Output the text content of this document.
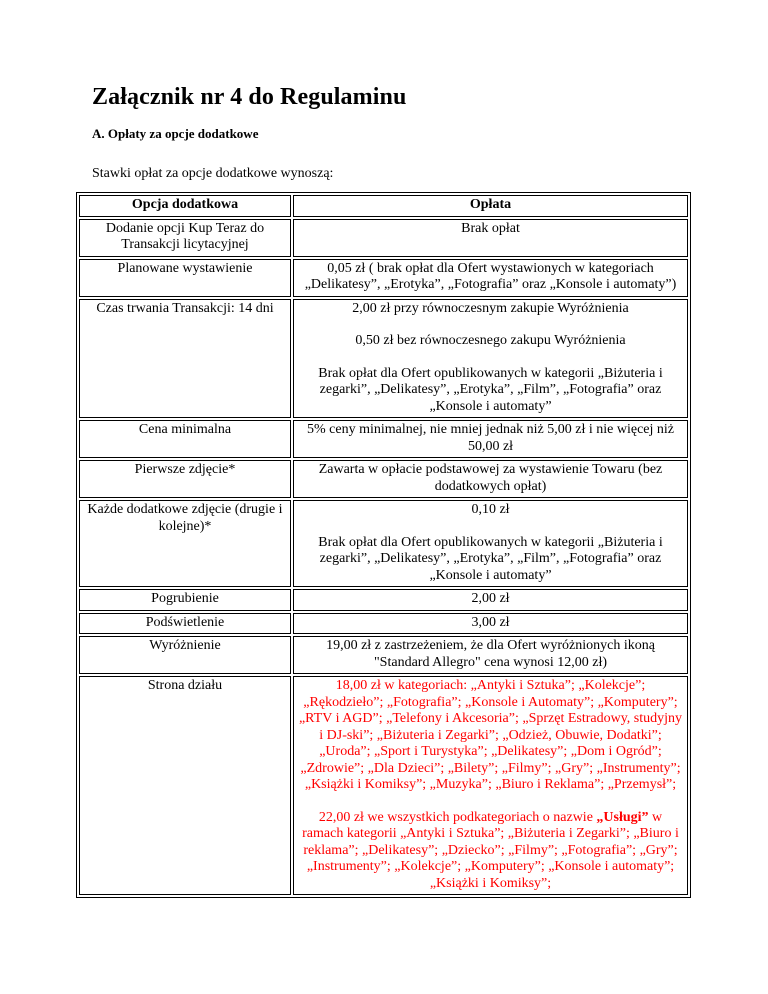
Załącznik nr 4 do Regulaminu

A. Opłaty za opcje dodatkowe

Stawki opłat za opcje dodatkowe wynoszą:

Opcja dodatkowa	Opłata
Dodanie opcji Kup Teraz do Transakcji licytacyjnej	Brak opłat
Planowane wystawienie	0,05 zł ( brak opłat dla Ofert wystawionych w kategoriach „Delikatesy”, „Erotyka”, „Fotografia” oraz „Konsole i automaty”)
Czas trwania Transakcji: 14 dni	2,00 zł przy równoczesnym zakupie Wyróżnienia

0,50 zł bez równoczesnego zakupu Wyróżnienia

Brak opłat dla Ofert opublikowanych w kategorii „Biżuteria i zegarki”, „Delikatesy”, „Erotyka”, „Film”, „Fotografia” oraz „Konsole i automaty”

Cena minimalna	5% ceny minimalnej, nie mniej jednak niż 5,00 zł i nie więcej niż 50,00 zł
Pierwsze zdjęcie*	Zawarta w opłacie podstawowej za wystawienie Towaru (bez dodatkowych opłat)
Każde dodatkowe zdjęcie (drugie i kolejne)*	0,10 zł

Brak opłat dla Ofert opublikowanych w kategorii „Biżuteria i zegarki”, „Delikatesy”, „Erotyka”, „Film”, „Fotografia” oraz „Konsole i automaty”

Pogrubienie	2,00 zł
Podświetlenie	3,00 zł
Wyróżnienie	19,00 zł z zastrzeżeniem, że dla Ofert wyróżnionych ikoną "Standard Allegro" cena wynosi 12,00 zł)
Strona działu	18,00 zł w kategoriach: „Antyki i Sztuka”; „Kolekcje”; „Rękodzieło”; „Fotografia”; „Konsole i Automaty”; „Komputery”; „RTV i AGD”; „Telefony i Akcesoria”; „Sprzęt Estradowy, studyjny i DJ-ski”; „Biżuteria i Zegarki”; „Odzież, Obuwie, Dodatki”; „Uroda”; „Sport i Turystyka”; „Delikatesy”; „Dom i Ogród”; „Zdrowie”; „Dla Dzieci”; „Bilety”; „Filmy”; „Gry”; „Instrumenty”; „Książki i Komiksy”; „Muzyka”; „Biuro i Reklama”; „Przemysł”;

22,00 zł we wszystkich podkategoriach o nazwie „Usługi” w ramach kategorii „Antyki i Sztuka”; „Biżuteria i Zegarki”; „Biuro i reklama”; „Delikatesy”; „Dziecko”; „Filmy”; „Fotografia”; „Gry”; „Instrumenty”; „Kolekcje”; „Komputery”; „Konsole i automaty”; „Książki i Komiksy”;
